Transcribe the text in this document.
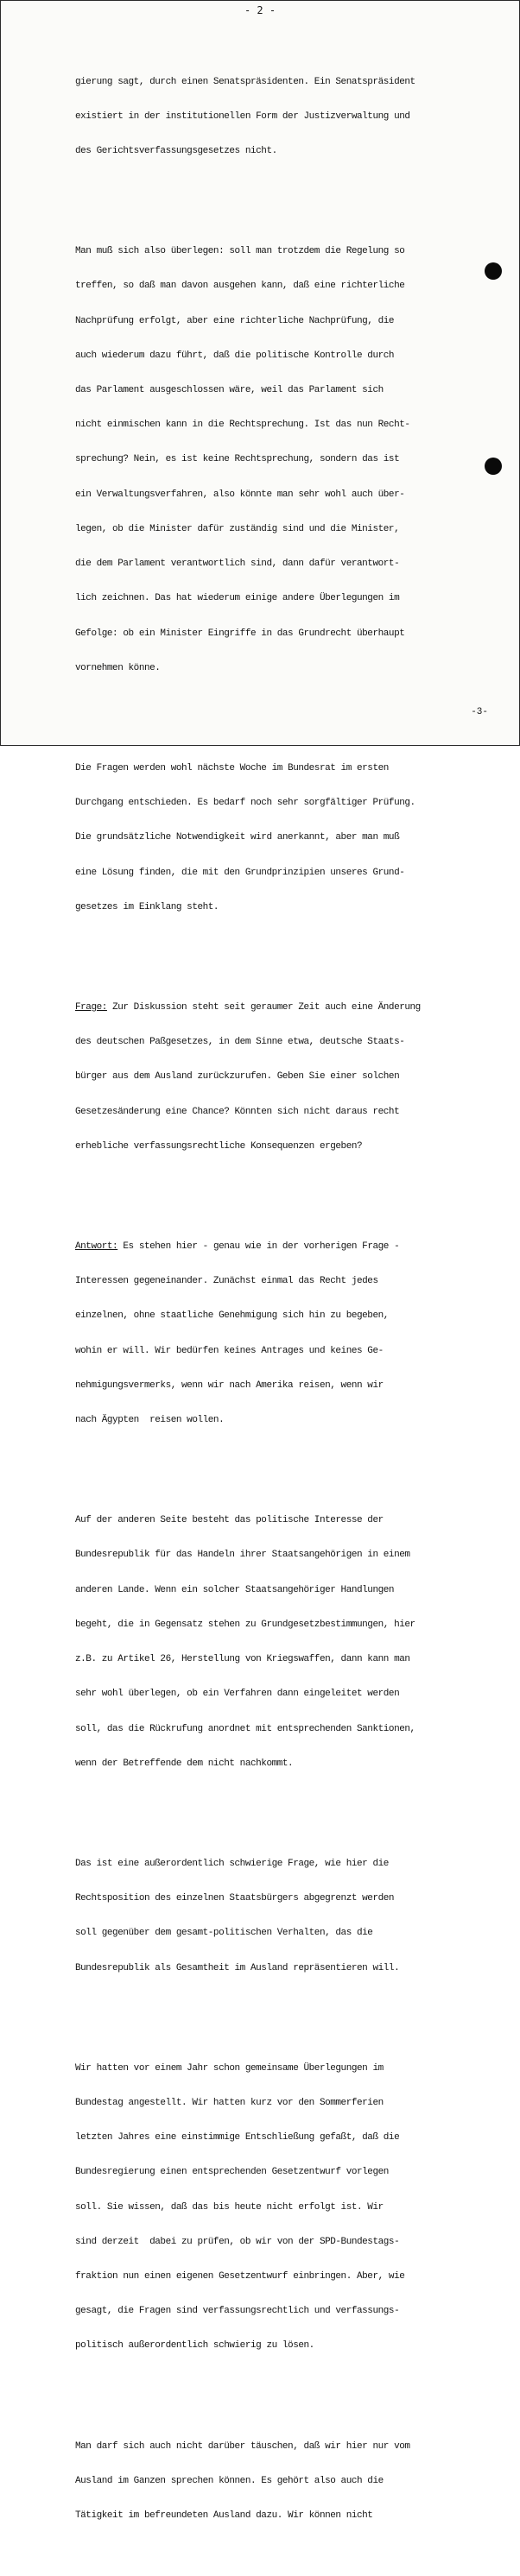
- 2 -

gierung sagt, durch einen Senatspräsidenten. Ein Senatspräsident

existiert in der institutionellen Form der Justizverwaltung und

des Gerichtsverfassungsgesetzes nicht.

Man muß sich also überlegen: soll man trotzdem die Regelung so

treffen, so daß man davon ausgehen kann, daß eine richterliche

Nachprüfung erfolgt, aber eine richterliche Nachprüfung, die

auch wiederum dazu führt, daß die politische Kontrolle durch

das Parlament ausgeschlossen wäre, weil das Parlament sich

nicht einmischen kann in die Rechtsprechung. Ist das nun Recht-

sprechung? Nein, es ist keine Rechtsprechung, sondern das ist

ein Verwaltungsverfahren, also könnte man sehr wohl auch über-

legen, ob die Minister dafür zuständig sind und die Minister,

die dem Parlament verantwortlich sind, dann dafür verantwort-

lich zeichnen. Das hat wiederum einige andere Überlegungen im

Gefolge: ob ein Minister Eingriffe in das Grundrecht überhaupt

vornehmen könne.

Die Fragen werden wohl nächste Woche im Bundesrat im ersten

Durchgang entschieden. Es bedarf noch sehr sorgfältiger Prüfung.

Die grundsätzliche Notwendigkeit wird anerkannt, aber man muß

eine Lösung finden, die mit den Grundprinzipien unseres Grund-

gesetzes im Einklang steht.

Frage: Zur Diskussion steht seit geraumer Zeit auch eine Änderung

des deutschen Paßgesetzes, in dem Sinne etwa, deutsche Staats-

bürger aus dem Ausland zurückzurufen. Geben Sie einer solchen

Gesetzesänderung eine Chance? Könnten sich nicht daraus recht

erhebliche verfassungsrechtliche Konsequenzen ergeben?

Antwort: Es stehen hier - genau wie in der vorherigen Frage -

Interessen gegeneinander. Zunächst einmal das Recht jedes

einzelnen, ohne staatliche Genehmigung sich hin zu begeben,

wohin er will. Wir bedürfen keines Antrages und keines Ge-

nehmigungsvermerks, wenn wir nach Amerika reisen, wenn wir

nach Ägypten  reisen wollen.

Auf der anderen Seite besteht das politische Interesse der

Bundesrepublik für das Handeln ihrer Staatsangehörigen in einem

anderen Lande. Wenn ein solcher Staatsangehöriger Handlungen

begeht, die in Gegensatz stehen zu Grundgesetzbestimmungen, hier

z.B. zu Artikel 26, Herstellung von Kriegswaffen, dann kann man

sehr wohl überlegen, ob ein Verfahren dann eingeleitet werden

soll, das die Rückrufung anordnet mit entsprechenden Sanktionen,

wenn der Betreffende dem nicht nachkommt.

Das ist eine außerordentlich schwierige Frage, wie hier die

Rechtsposition des einzelnen Staatsbürgers abgegrenzt werden

soll gegenüber dem gesamt-politischen Verhalten, das die

Bundesrepublik als Gesamtheit im Ausland repräsentieren will.

Wir hatten vor einem Jahr schon gemeinsame Überlegungen im

Bundestag angestellt. Wir hatten kurz vor den Sommerferien

letzten Jahres eine einstimmige Entschließung gefaßt, daß die

Bundesregierung einen entsprechenden Gesetzentwurf vorlegen

soll. Sie wissen, daß das bis heute nicht erfolgt ist. Wir

sind derzeit  dabei zu prüfen, ob wir von der SPD-Bundestags-

fraktion nun einen eigenen Gesetzentwurf einbringen. Aber, wie

gesagt, die Fragen sind verfassungsrechtlich und verfassungs-

politisch außerordentlich schwierig zu lösen.

Man darf sich auch nicht darüber täuschen, daß wir hier nur vom

Ausland im Ganzen sprechen können. Es gehört also auch die

Tätigkeit im befreundeten Ausland dazu. Wir können nicht

-3-
